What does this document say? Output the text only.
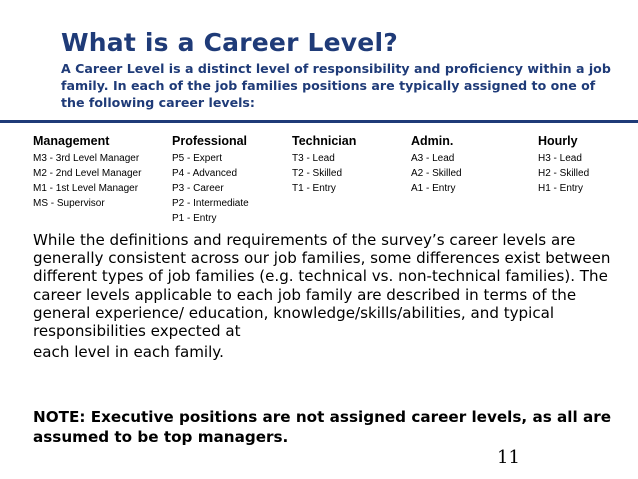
What is a Career Level?
A Career Level is a distinct level of responsibility and proficiency within a job family. In each of the job families positions are typically assigned to one of the following career levels:
Management
M3 - 3rd Level Manager
M2 - 2nd Level Manager
M1 - 1st Level Manager
MS - Supervisor
Professional
P5 - Expert
P4 - Advanced
P3 - Career
P2 - Intermediate
P1 - Entry
Technician
T3 - Lead
T2 - Skilled
T1 - Entry
Admin.
A3 - Lead
A2 - Skilled
A1 - Entry
Hourly
H3 - Lead
H2 - Skilled
H1 - Entry
While the definitions and requirements of the survey’s career levels are generally consistent across our job families, some differences exist between different types of job families (e.g. technical vs. non-technical families). The career levels applicable to each job family are described in terms of the general experience/ education, knowledge/skills/abilities, and typical responsibilities expected at
each level in each family.
NOTE: Executive positions are not assigned career levels, as all are assumed to be top managers.
11
